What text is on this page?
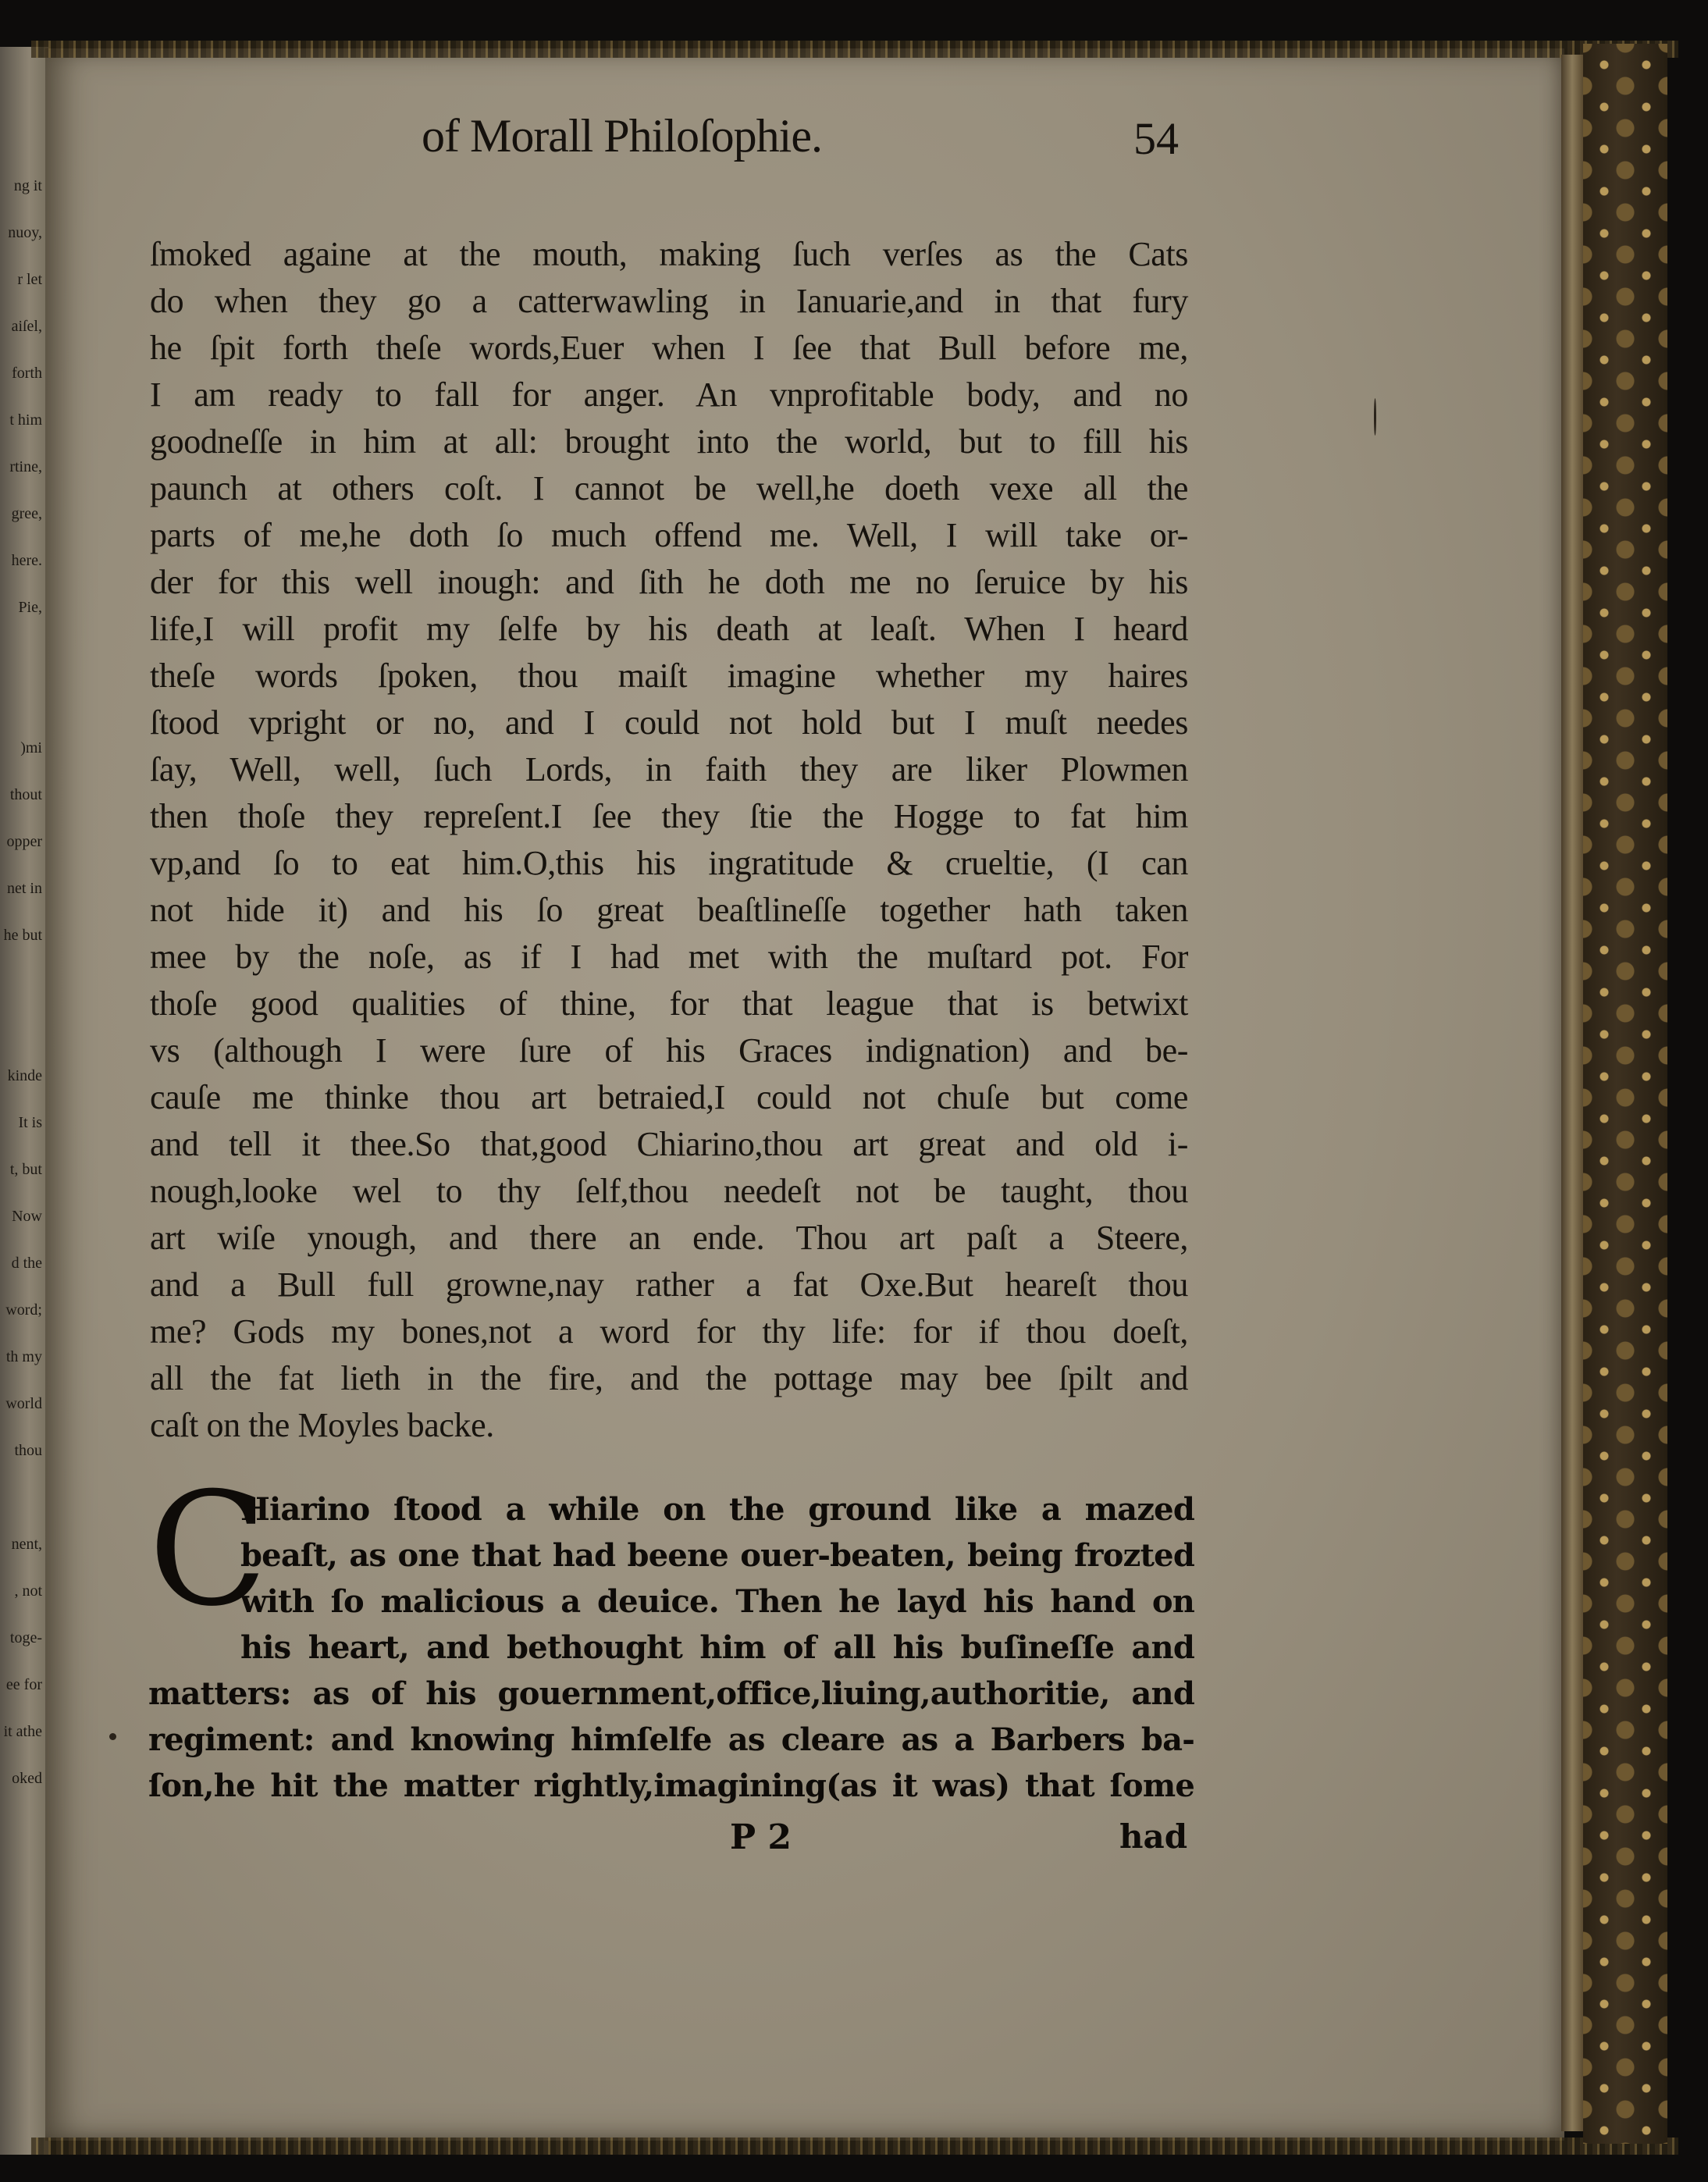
ng it
nuoy,
r let
aiſel,
forth
t him
rtine,
gree,
here.
Pie,
)mi
thout
opper
net in
he but
kinde
It is
t, but
Now
d the
word;
th my
world
thou
nent,
, not
toge-
ee for
it athe
oked
of Morall Philoſophie.	54
ſmoked againe at the mouth, making ſuch verſes as the Cats
do when they go a catterwawling in Ianuarie,and in that fury
he ſpit forth theſe words,Euer when I ſee that Bull before me,
I am ready to fall for anger. An vnprofitable body, and no
goodneſſe in him at all: brought into the world, but to fill his
paunch at others coſt. I cannot be well,he doeth vexe all the
parts of me,he doth ſo much offend me. Well, I will take or-
der for this well inough: and ſith he doth me no ſeruice by his
life,I will profit my ſelfe by his death at leaſt. When I heard
theſe words ſpoken, thou maiſt imagine whether my haires
ſtood vpright or no, and I could not hold but I muſt needes
ſay, Well, well, ſuch Lords, in faith they are liker Plowmen
then thoſe they repreſent.I ſee they ſtie the Hogge to fat him
vp,and ſo to eat him.O,this his ingratitude & crueltie, (I can
not hide it) and his ſo great beaſtlineſſe together hath taken
mee by the noſe, as if I had met with the muſtard pot. For
thoſe good qualities of thine, for that league that is betwixt
vs (although I were ſure of his Graces indignation) and be-
cauſe me thinke thou art betraied,I could not chuſe but come
and tell it thee.So that,good Chiarino,thou art great and old i-
nough,looke wel to thy ſelf,thou needeſt not be taught, thou
art wiſe ynough, and there an ende. Thou art paſt a Steere,
and a Bull full growne,nay rather a fat Oxe.But heareſt thou
me? Gods my bones,not a word for thy life: for if thou doeſt,
all the fat lieth in the fire, and the pottage may bee ſpilt and
caſt on the Moyles backe.
C
Hiarino ſtood a while on the ground like a mazed
beaſt, as one that had beene ouer-beaten, being frozted
with ſo malicious a deuice. Then he layd his hand on
his heart, and bethought him of all his buſineſſe and
matters: as of his gouernment,office,liuing,authoritie, and
regiment: and knowing himſelfe as cleare as a Barbers ba-
ſon,he hit the matter rightly,imagining(as it was) that ſome
P 2	had
